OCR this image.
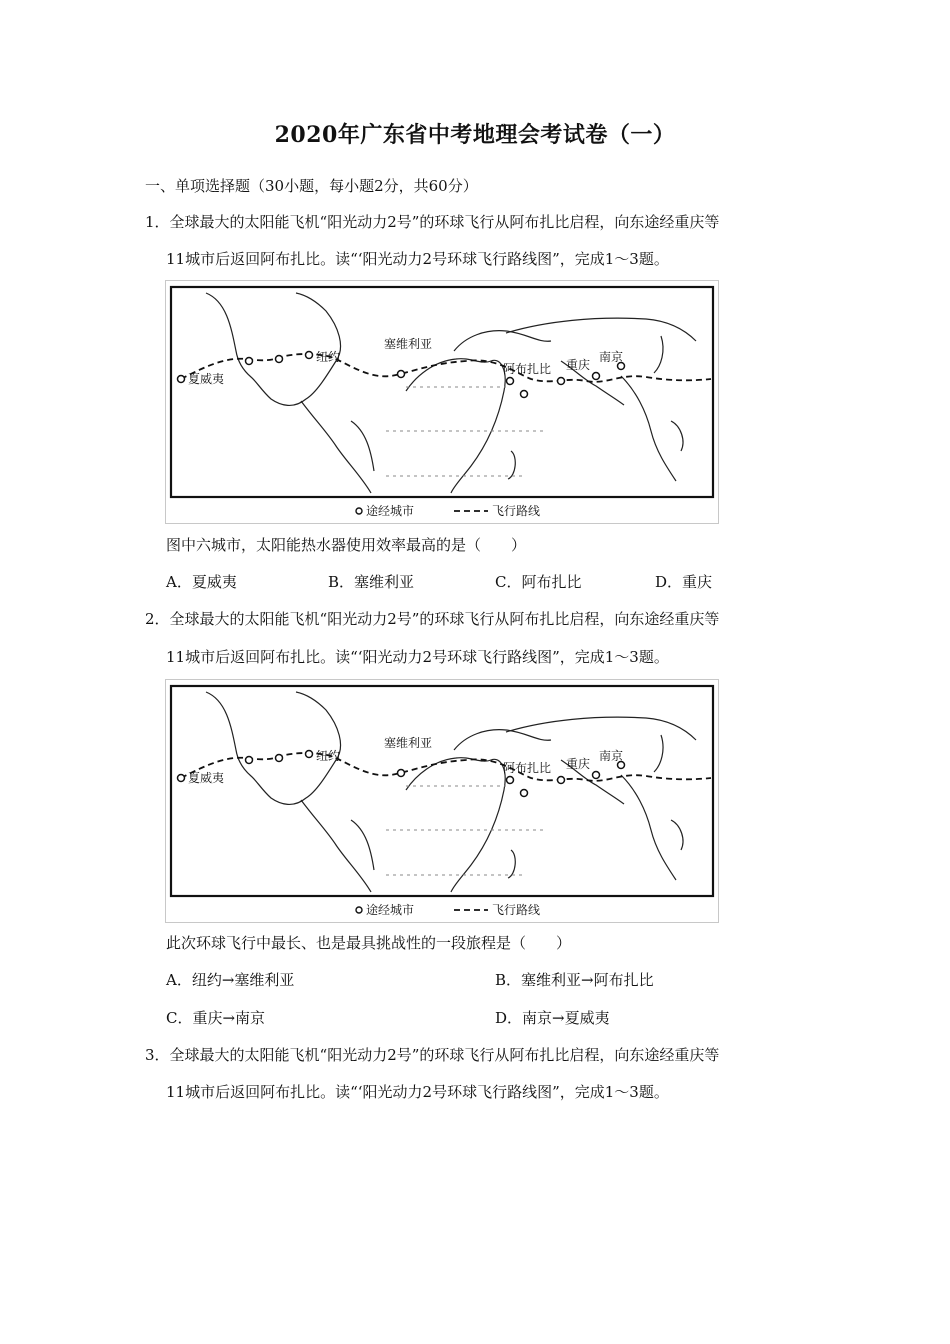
2020年广东省中考地理会考试卷（一）
一、单项选择题（30小题，每小题2分，共60分）
1．全球最大的太阳能飞机“阳光动力2号”的环球飞行从阿布扎比启程，向东途经重庆等
11城市后返回阿布扎比。读“‘阳光动力2号环球飞行路线图”，完成1～3题。
夏威夷
纽约
塞维利亚
阿布扎比 重庆
南京
途经城市	飞行路线
图中六城市，太阳能热水器使用效率最高的是（　　）
A．夏威夷	B．塞维利亚	C．阿布扎比	D．重庆
2．全球最大的太阳能飞机“阳光动力2号”的环球飞行从阿布扎比启程，向东途经重庆等
11城市后返回阿布扎比。读“‘阳光动力2号环球飞行路线图”，完成1～3题。
夏威夷
纽约
塞维利亚
阿布扎比 重庆
南京
途经城市	飞行路线
此次环球飞行中最长、也是最具挑战性的一段旅程是（　　）
A．纽约→塞维利亚	B．塞维利亚→阿布扎比
C．重庆→南京	D．南京→夏威夷
3．全球最大的太阳能飞机“阳光动力2号”的环球飞行从阿布扎比启程，向东途经重庆等
11城市后返回阿布扎比。读“‘阳光动力2号环球飞行路线图”，完成1～3题。
